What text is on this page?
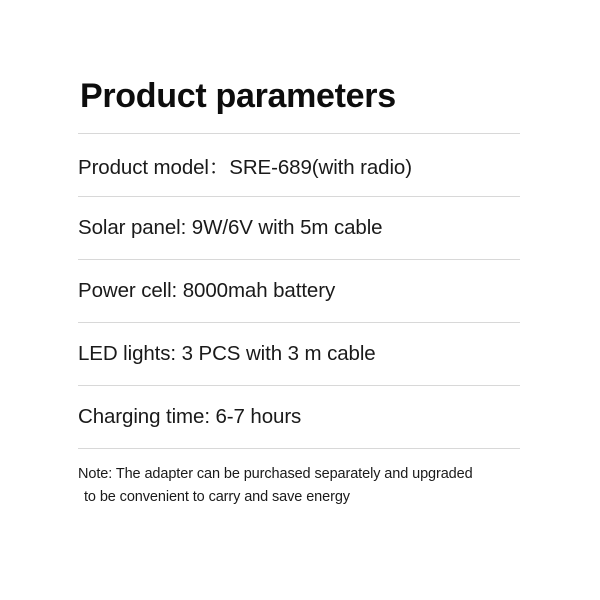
Product parameters
Product model：SRE-689(with radio)
Solar panel: 9W/6V with 5m cable
Power cell: 8000mah battery
LED lights: 3 PCS with 3 m cable
Charging time: 6-7 hours
Note: The adapter can be purchased separately and upgraded
to be convenient to carry and save energy
